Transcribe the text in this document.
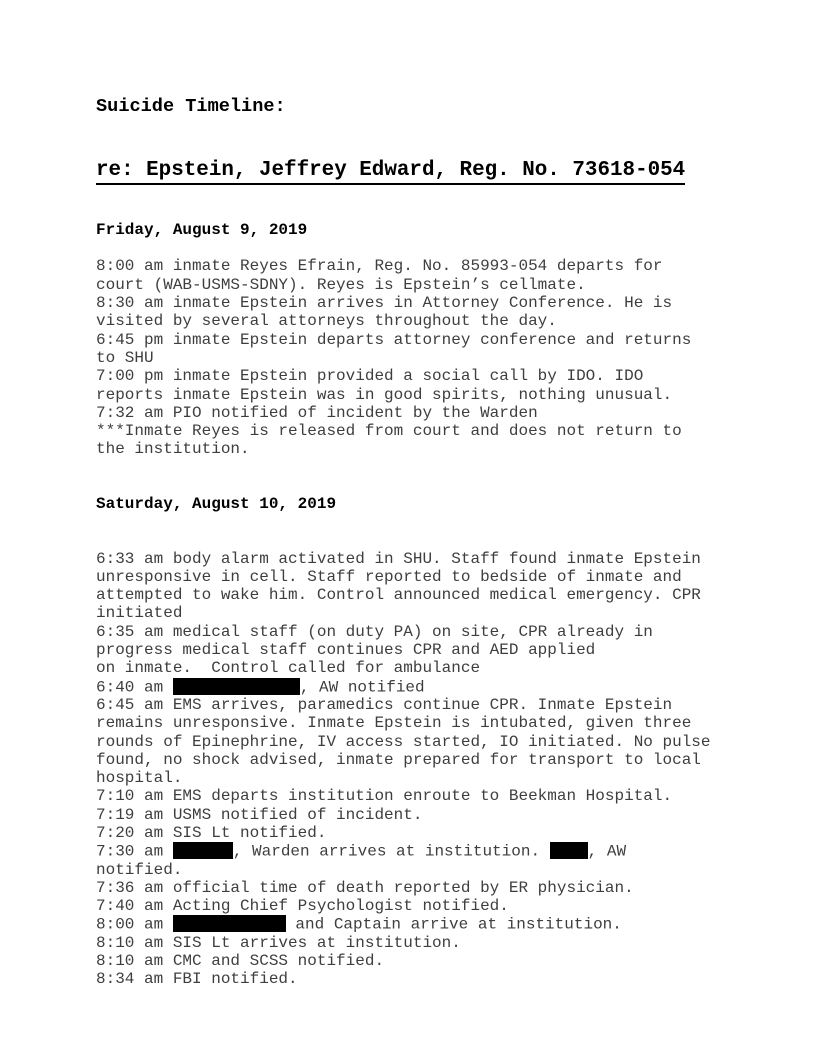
Suicide Timeline:
re: Epstein, Jeffrey Edward, Reg. No. 73618-054
Friday, August 9, 2019
8:00 am inmate Reyes Efrain, Reg. No. 85993-054 departs for
court (WAB-USMS-SDNY). Reyes is Epstein’s cellmate.
8:30 am inmate Epstein arrives in Attorney Conference. He is
visited by several attorneys throughout the day.
6:45 pm inmate Epstein departs attorney conference and returns
to SHU
7:00 pm inmate Epstein provided a social call by IDO. IDO
reports inmate Epstein was in good spirits, nothing unusual.
7:32 am PIO notified of incident by the Warden
***Inmate Reyes is released from court and does not return to
the institution.
Saturday, August 10, 2019
6:33 am body alarm activated in SHU. Staff found inmate Epstein
unresponsive in cell. Staff reported to bedside of inmate and
attempted to wake him. Control announced medical emergency. CPR
initiated
6:35 am medical staff (on duty PA) on site, CPR already in
progress medical staff continues CPR and AED applied
on inmate.  Control called for ambulance
6:40 am	, AW notified
6:45 am EMS arrives, paramedics continue CPR. Inmate Epstein
remains unresponsive. Inmate Epstein is intubated, given three
rounds of Epinephrine, IV access started, IO initiated. No pulse
found, no shock advised, inmate prepared for transport to local
hospital.
7:10 am EMS departs institution enroute to Beekman Hospital.
7:19 am USMS notified of incident.
7:20 am SIS Lt notified.
7:30 am	, Warden arrives at institution. , AW
notified.
7:36 am official time of death reported by ER physician.
7:40 am Acting Chief Psychologist notified.
8:00 am	and Captain arrive at institution.
8:10 am SIS Lt arrives at institution.
8:10 am CMC and SCSS notified.
8:34 am FBI notified.
